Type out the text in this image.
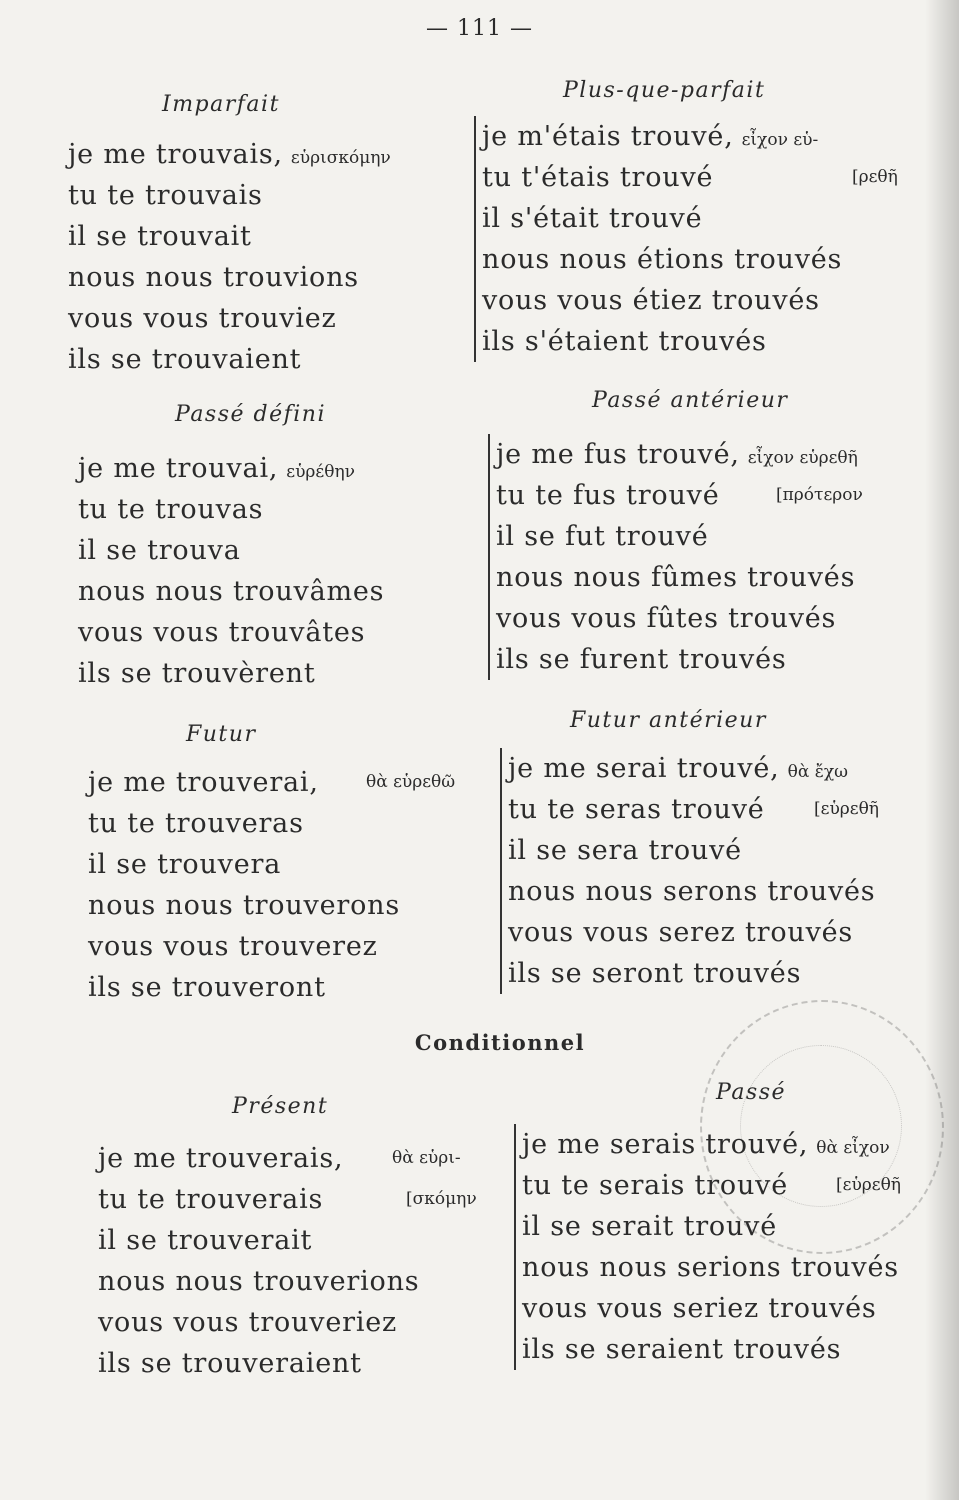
— 111 —
Imparfait
je me trouvais, εὑρισκόμην
tu te trouvais
il se trouvait
nous nous trouvions
vous vous trouviez
ils se trouvaient
Plus-que-parfait
je m'étais trouvé, εἶχον εὑ-
tu t'étais trouvé	[ρεθῆ
il s'était trouvé
nous nous étions trouvés
vous vous étiez trouvés
ils s'étaient trouvés
Passé défini
je me trouvai, εὑρέθην
tu te trouvas
il se trouva
nous nous trouvâmes
vous vous trouvâtes
ils se trouvèrent
Passé antérieur
je me fus trouvé, εἶχον εὑρεθῆ
tu te fus trouvé	[πρότερον
il se fut trouvé
nous nous fûmes trouvés
vous vous fûtes trouvés
ils se furent trouvés
Futur
je me trouverai,	θὰ εὑρεθῶ
tu te trouveras
il se trouvera
nous nous trouverons
vous vous trouverez
ils se trouveront
Futur antérieur
je me serai trouvé, θὰ ἔχω
tu te seras trouvé	[εὑρεθῆ
il se sera trouvé
nous nous serons trouvés
vous vous serez trouvés
ils se seront trouvés
Conditionnel
Présent
je me trouverais,	θὰ εὑρι-
tu te trouverais	[σκόμην
il se trouverait
nous nous trouverions
vous vous trouveriez
ils se trouveraient
Passé
je me serais trouvé, θὰ εἶχον
tu te serais trouvé	[εὑρεθῆ
il se serait trouvé
nous nous serions trouvés
vous vous seriez trouvés
ils se seraient trouvés
